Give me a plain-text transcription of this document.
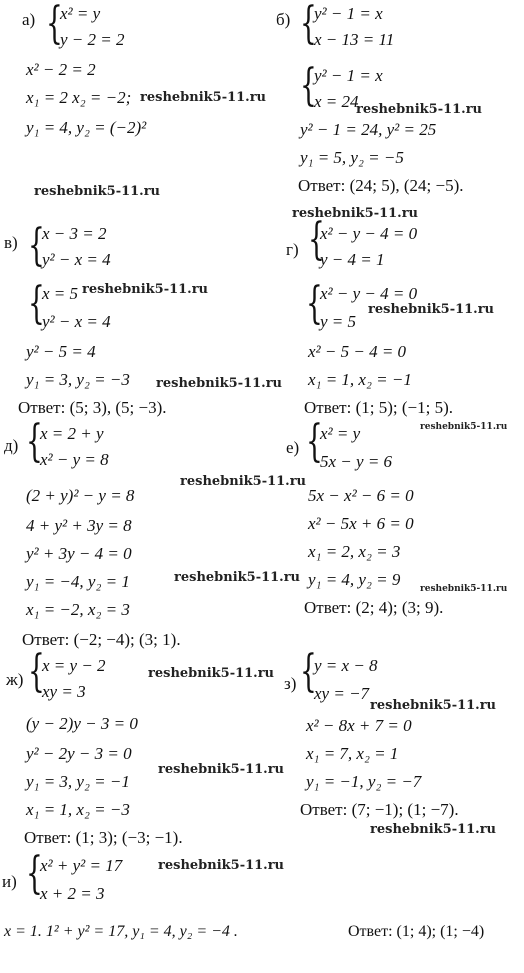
а) {
x² = y
y − 2 = 2
x² − 2 = 2
x₁ = 2 x₂ = −2;
y₁ = 4, y₂ = (−2)²
б) {
y² − 1 = x
x − 13 = 11
{
y² − 1 = x
x = 24
y² − 1 = 24, y² = 25
y₁ = 5, y₂ = −5
Ответ: (24; 5), (24; −5).
в) {
x − 3 = 2
y² − x = 4
{
x = 5
y² − x = 4
y² − 5 = 4
y₁ = 3, y₂ = −3
Ответ: (5; 3), (5; −3).
г) {
x² − y − 4 = 0
y − 4 = 1
{
x² − y − 4 = 0
y = 5
x² − 5 − 4 = 0
x₁ = 1, x₂ = −1
Ответ: (1; 5); (−1; 5).
д) {
x = 2 + y
x² − y = 8
(2 + y)² − y = 8
4 + y² + 3y = 8
y² + 3y − 4 = 0
y₁ = −4, y₂ = 1
x₁ = −2, x₂ = 3
Ответ: (−2; −4); (3; 1).
е) {
x² = y
5x − y = 6
5x − x² − 6 = 0
x² − 5x + 6 = 0
x₁ = 2, x₂ = 3
y₁ = 4, y₂ = 9
Ответ: (2; 4); (3; 9).
ж) {
x = y − 2
xy = 3
(y − 2)y − 3 = 0
y² − 2y − 3 = 0
y₁ = 3, y₂ = −1
x₁ = 1, x₂ = −3
Ответ: (1; 3); (−3; −1).
з) {
y = x − 8
xy = −7
x² − 8x + 7 = 0
x₁ = 7, x₂ = 1
y₁ = −1, y₂ = −7
Ответ: (7; −1); (1; −7).
и) {
x² + y² = 17
x + 2 = 3
x = 1. 1² + y² = 17, y₁ = 4, y₂ = −4 .	Ответ: (1; 4); (1; −4)
reshebnik5-11.ru
reshebnik5-11.ru
reshebnik5-11.ru
reshebnik5-11.ru
reshebnik5-11.ru
reshebnik5-11.ru
reshebnik5-11.ru
reshebnik5-11.ru
reshebnik5-11.ru
reshebnik5-11.ru
reshebnik5-11.ru
reshebnik5-11.ru
reshebnik5-11.ru
reshebnik5-11.ru
reshebnik5-11.ru
reshebnik5-11.ru
